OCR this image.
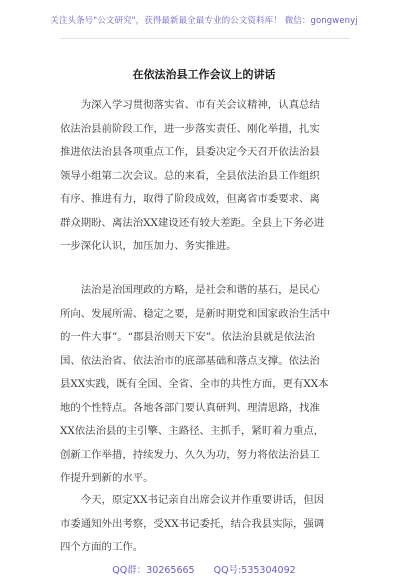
关注头条号"公文研究"，获得最新最全最专业的公文资料库！ 微信：gongwenyj
在依法治县工作会议上的讲话
　　为深入学习贯彻落实省、市有关会议精神，认真总结
依法治县前阶段工作，进一步落实责任、刚化举措，扎实
推进依法治县各项重点工作，县委决定今天召开依法治县
领导小组第二次会议。总的来看，全县依法治县工作组织
有序、推进有力，取得了阶段成效，但离省市委要求、离
群众期盼、离法治XX建设还有较大差距。全县上下务必进
一步深化认识，加压加力、务实推进。
　　法治是治国理政的方略，是社会和谐的基石，是民心
所向、发展所需、稳定之要，是新时期党和国家政治生活中
的一件大事”。“郡县治则天下安”。依法治县就是依法治
国、依法治省、依法治市的底部基础和落点支撑。依法治
县XX实践，既有全国、全省、全市的共性方面，更有XX本
地的个性特点。各地各部门要认真研判、理清思路，找准
XX依法治县的主引擎、主路径、主抓手，紧盯着力重点，
创新工作举措，持续发力、久久为功，努力将依法治县工
作提升到新的水平。
　　今天，原定XX书记亲自出席会议并作重要讲话，但因
市委通知外出考察，受XX书记委托，结合我县实际，强调
四个方面的工作。
QQ群：30265665 QQ号:535304092
